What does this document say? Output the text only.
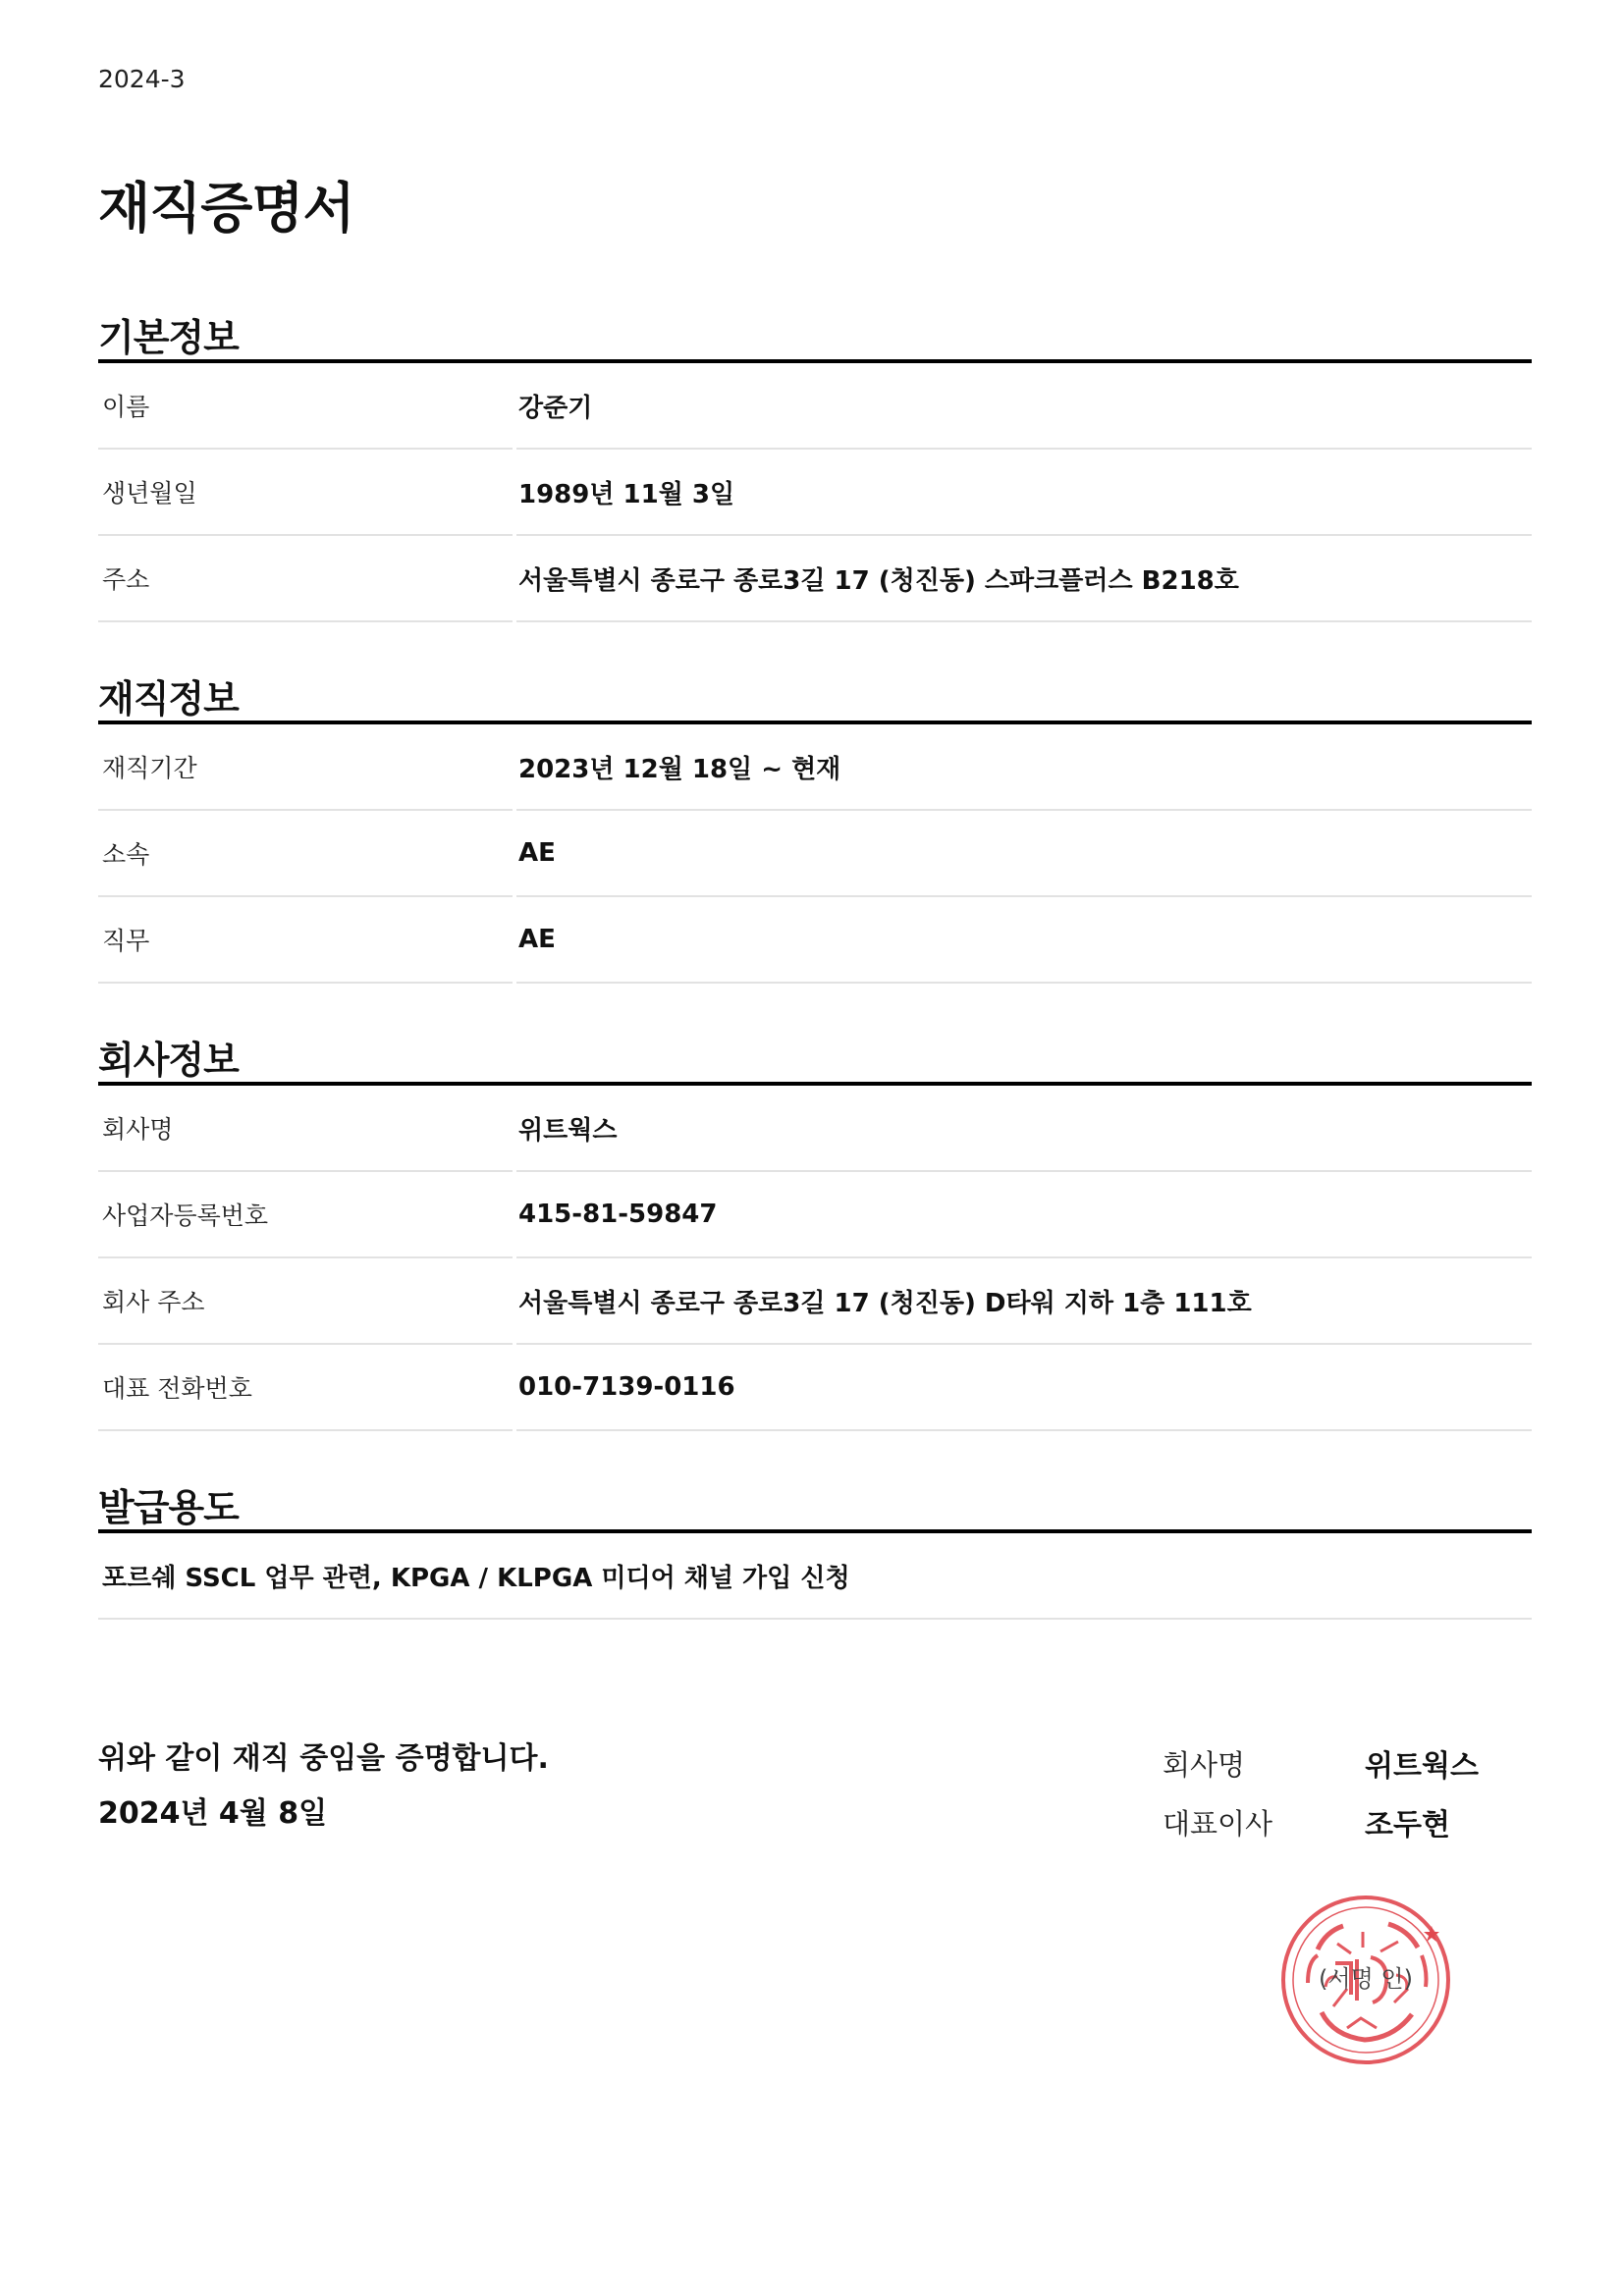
2024-3
재직증명서
기본정보
이름	강준기
생년월일	1989년 11월 3일
주소	서울특별시 종로구 종로3길 17 (청진동) 스파크플러스 B218호
재직정보
재직기간	2023년 12월 18일 ~ 현재
소속	AE
직무	AE
회사정보
회사명	위트웍스
사업자등록번호	415-81-59847
회사 주소	서울특별시 종로구 종로3길 17 (청진동) D타워 지하 1층 111호
대표 전화번호	010-7139-0116
발급용도
포르쉐 SSCL 업무 관련, KPGA / KLPGA 미디어 채널 가입 신청
위와 같이 재직 중임을 증명합니다.
2024년 4월 8일
회사명	위트웍스
대표이사	조두현
(서명 인)
